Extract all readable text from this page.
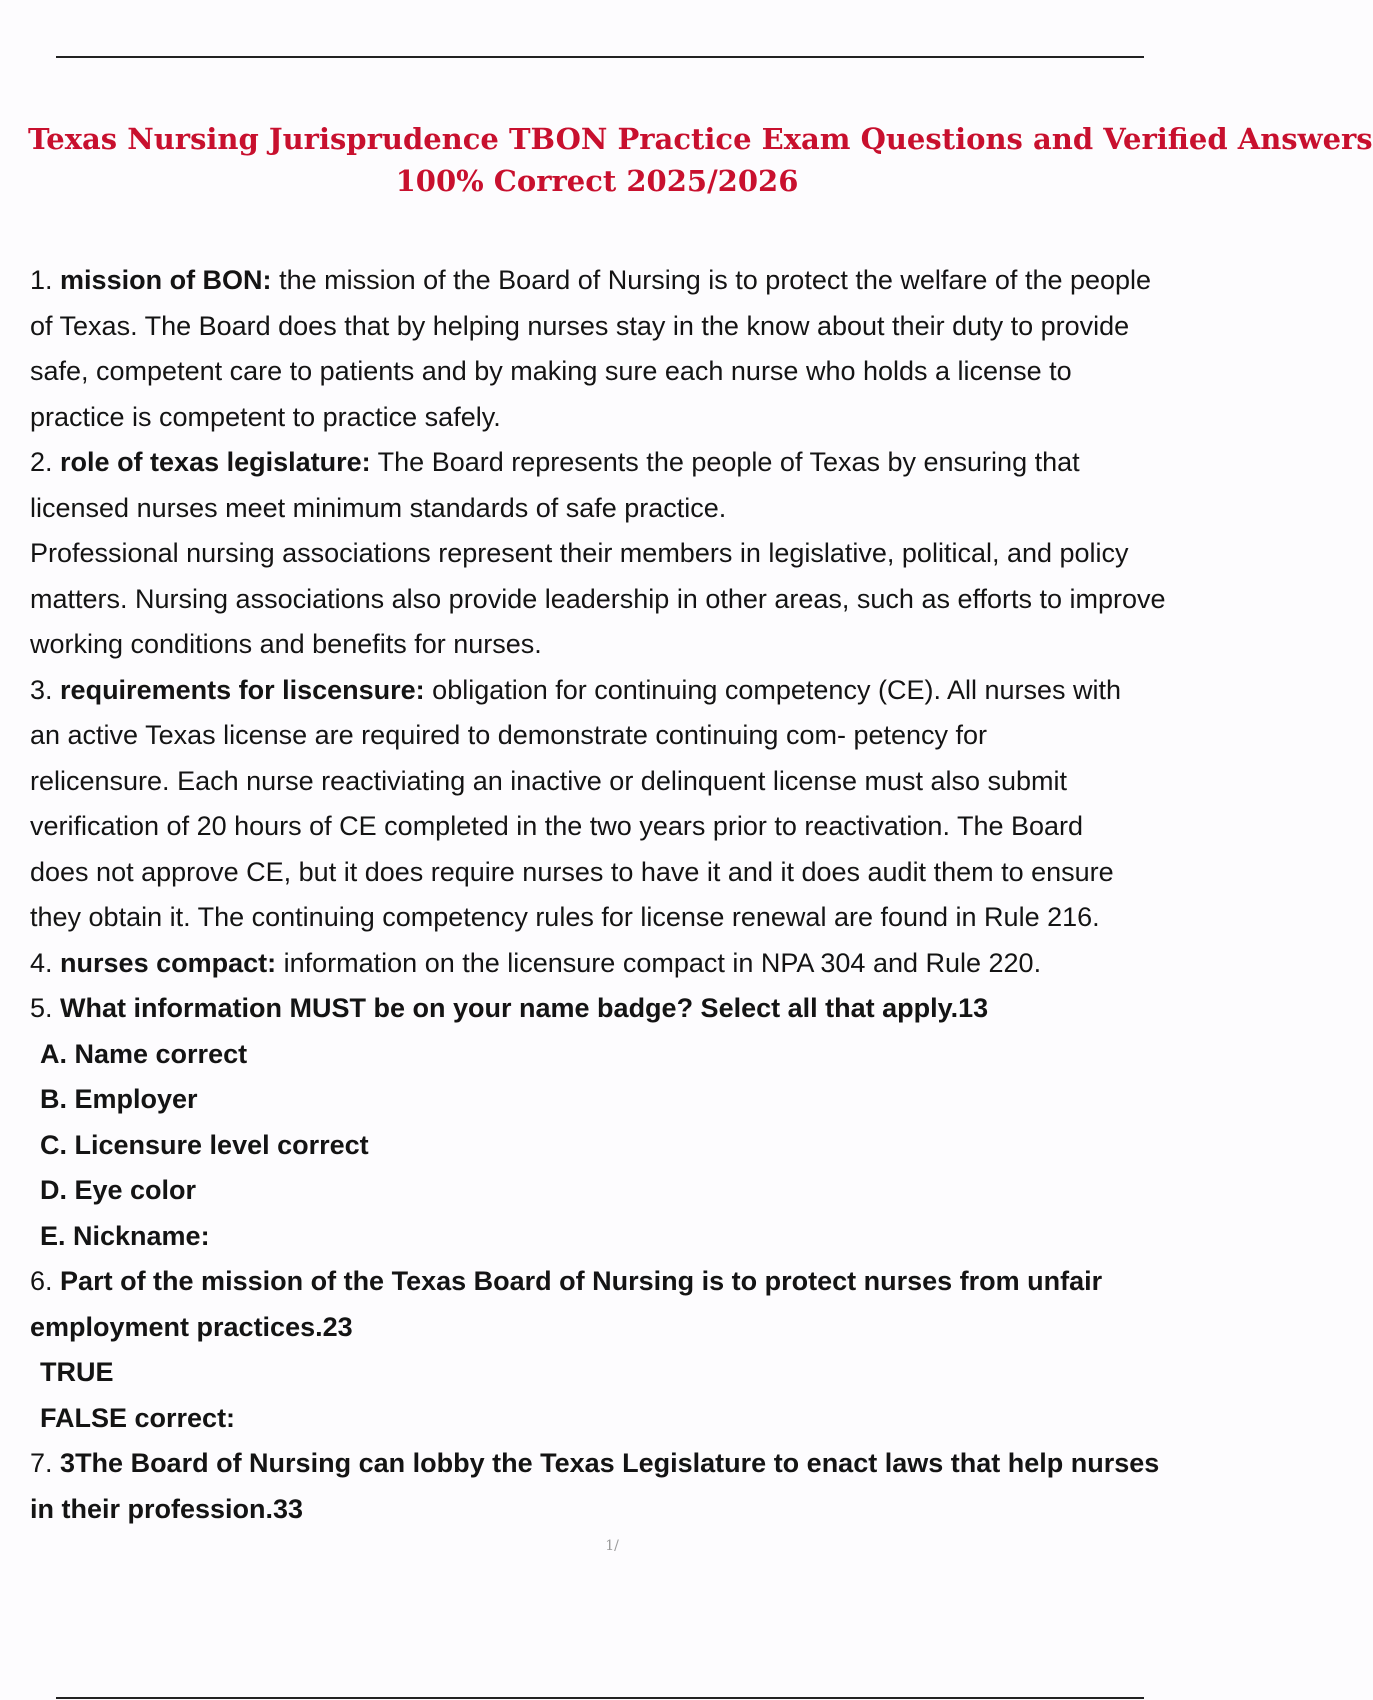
Texas Nursing Jurisprudence TBON Practice Exam Questions and Verified Answers
100% Correct 2025/2026

1. mission of BON: the mission of the Board of Nursing is to protect the welfare of the people

of Texas. The Board does that by helping nurses stay in the know about their duty to provide

safe, competent care to patients and by making sure each nurse who holds a license to

practice is competent to practice safely.

2. role of texas legislature: The Board represents the people of Texas by ensuring that

licensed nurses meet minimum standards of safe practice.

Professional nursing associations represent their members in legislative, political, and policy

matters. Nursing associations also provide leadership in other areas, such as efforts to improve

working conditions and benefits for nurses.

3. requirements for liscensure: obligation for continuing competency (CE). All nurses with

an active Texas license are required to demonstrate continuing com- petency for

relicensure. Each nurse reactiviating an inactive or delinquent license must also submit

verification of 20 hours of CE completed in the two years prior to reactivation. The Board

does not approve CE, but it does require nurses to have it and it does audit them to ensure

they obtain it. The continuing competency rules for license renewal are found in Rule 216.

4. nurses compact: information on the licensure compact in NPA 304 and Rule 220.

5. What information MUST be on your name badge? Select all that apply.13

A. Name correct

B. Employer

C. Licensure level correct

D. Eye color

E. Nickname:

6. Part of the mission of the Texas Board of Nursing is to protect nurses from unfair

employment practices.23

TRUE

FALSE correct:

7. 3The Board of Nursing can lobby the Texas Legislature to enact laws that help nurses

in their profession.33

1/
